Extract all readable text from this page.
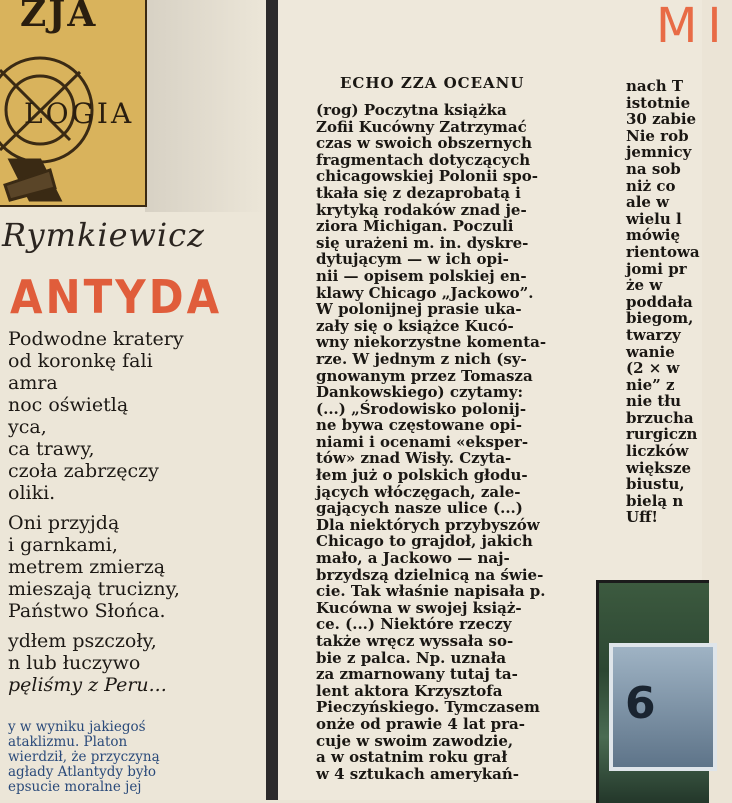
ZJA
LOGIA
Rymkiewicz
ANTYDA
Podwodne kratery
od koronkę fali
amra
noc oświetlą
yca,
ca trawy,
czoła zabrzęczy
oliki.
Oni przyjdą
i garnkami,
metrem zmierzą
mieszają trucizny,
Państwo Słońca.
ydłem pszczoły,
n lub łuczywo
pęliśmy z Peru...
y w wyniku jakiegoś
ataklizmu. Platon
wierdził, że przyczyną
agłady Atlantydy było
epsucie moralne jej
MI
ECHO ZZA OCEANU
(rog) Poczytna książka
Zofii Kucówny Zatrzymać
czas w swoich obszernych
fragmentach dotyczących
chicagowskiej Polonii spo-
tkała się z dezaprobatą i
krytyką rodaków znad je-
ziora Michigan. Poczuli
się urażeni m. in. dyskre-
dytującym — w ich opi-
nii — opisem polskiej en-
klawy Chicago „Jackowo”.
W polonijnej prasie uka-
zały się o książce Kucó-
wny niekorzystne komenta-
rze. W jednym z nich (sy-
gnowanym przez Tomasza
Dankowskiego) czytamy:
(...) „Środowisko polonij-
ne bywa częstowane opi-
niami i ocenami «eksper-
tów» znad Wisły. Czyta-
łem już o polskich głodu-
jących włóczęgach, zale-
gających nasze ulice (...)
Dla niektórych przybyszów
Chicago to grajdoł, jakich
mało, a Jackowo — naj-
brzydszą dzielnicą na świe-
cie. Tak właśnie napisała p.
Kucówna w swojej książ-
ce. (...) Niektóre rzeczy
także wręcz wyssała so-
bie z palca. Np. uznała
za zmarnowany tutaj ta-
lent aktora Krzysztofa
Pieczyńskiego. Tymczasem
onże od prawie 4 lat pra-
cuje w swoim zawodzie,
a w ostatnim roku grał
w 4 sztukach amerykań-
nach T
istotnie
30 zabie
Nie rob
jemnicy
na sob
niż co
ale w
wielu l
mówię
rientowa
jomi pr
że w
poddała
biegom,
twarzy
wanie
(2 × w
nie” z
nie tłu
brzucha
rurgiczn
liczków
większe
biustu,
bielą n
Uff!
6
